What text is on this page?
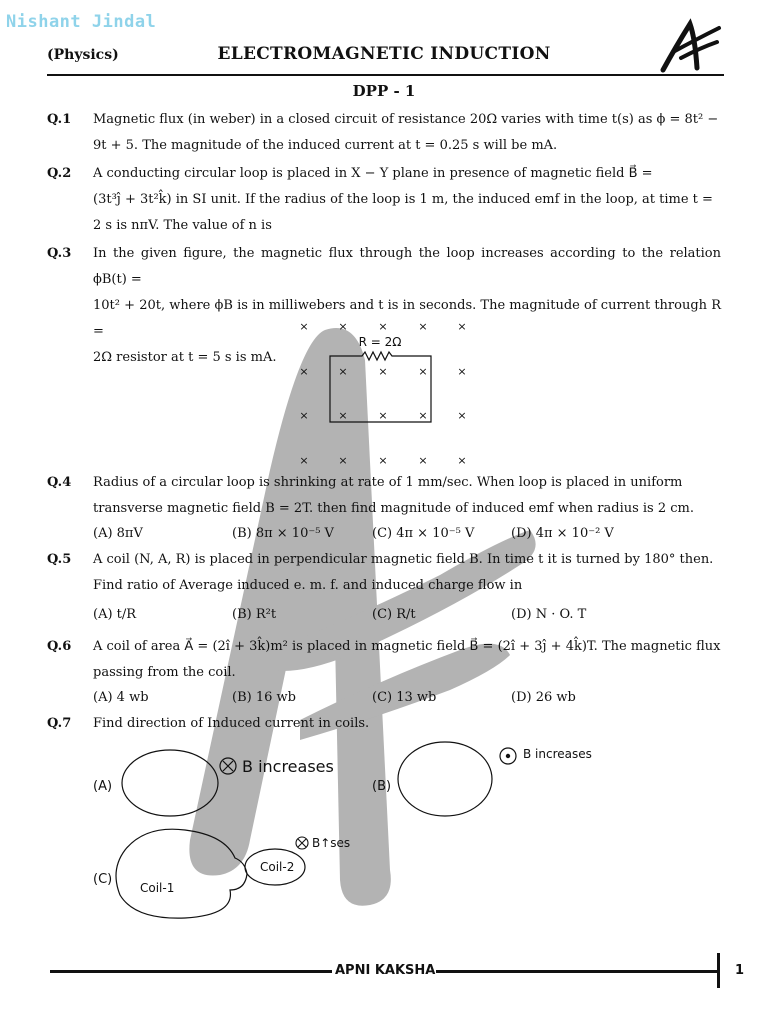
Nishant Jindal
(Physics)	ELECTROMAGNETIC INDUCTION
DPP - 1
Q.1 Magnetic flux (in weber) in a closed circuit of resistance 20Ω varies with time t(s) as ϕ = 8t² −
9t + 5. The magnitude of the induced current at t = 0.25 s will be mA.
Q.2 A conducting circular loop is placed in X − Y plane in presence of magnetic field B⃗ =
(3t³ĵ + 3t²k̂) in SI unit. If the radius of the loop is 1 m, the induced emf in the loop, at time t =
2 s is nπV. The value of n is
Q.3 In the given figure, the magnetic flux through the loop increases according to the relation ϕB(t) =
10t² + 20t, where ϕB is in milliwebers and t is in seconds. The magnitude of current through R =
2Ω resistor at t = 5 s is mA.
×	×	×	×	×
×	×	×	×	×
×	×	×	×	×
×	×	×	×	×
R = 2Ω
Q.4 Radius of a circular loop is shrinking at rate of 1 mm/sec. When loop is placed in uniform
transverse magnetic field B = 2T. then find magnitude of induced emf when radius is 2 cm.
(A) 8πV	(B) 8π × 10⁻⁵ V	(C) 4π × 10⁻⁵ V	(D) 4π × 10⁻² V
Q.5 A coil (N, A, R) is placed in perpendicular magnetic field B. In time t it is turned by 180° then.
Find ratio of Average induced e. m. f. and induced charge flow in
(A) t/R	(B) R²t	(C) R/t	(D) N · O. T
Q.6 A coil of area A⃗ = (2î + 3k̂)m² is placed in magnetic field B⃗ = (2î + 3ĵ + 4k̂)T. The magnetic flux
passing from the coil.
(A) 4 wb	(B) 16 wb	(C) 13 wb	(D) 26 wb
Q.7 Find direction of Induced current in coils.
(A)
B increases
(B)
B increases
(C)
Coil-1
Coil-2
B↑ses
APNI KAKSHA	1
